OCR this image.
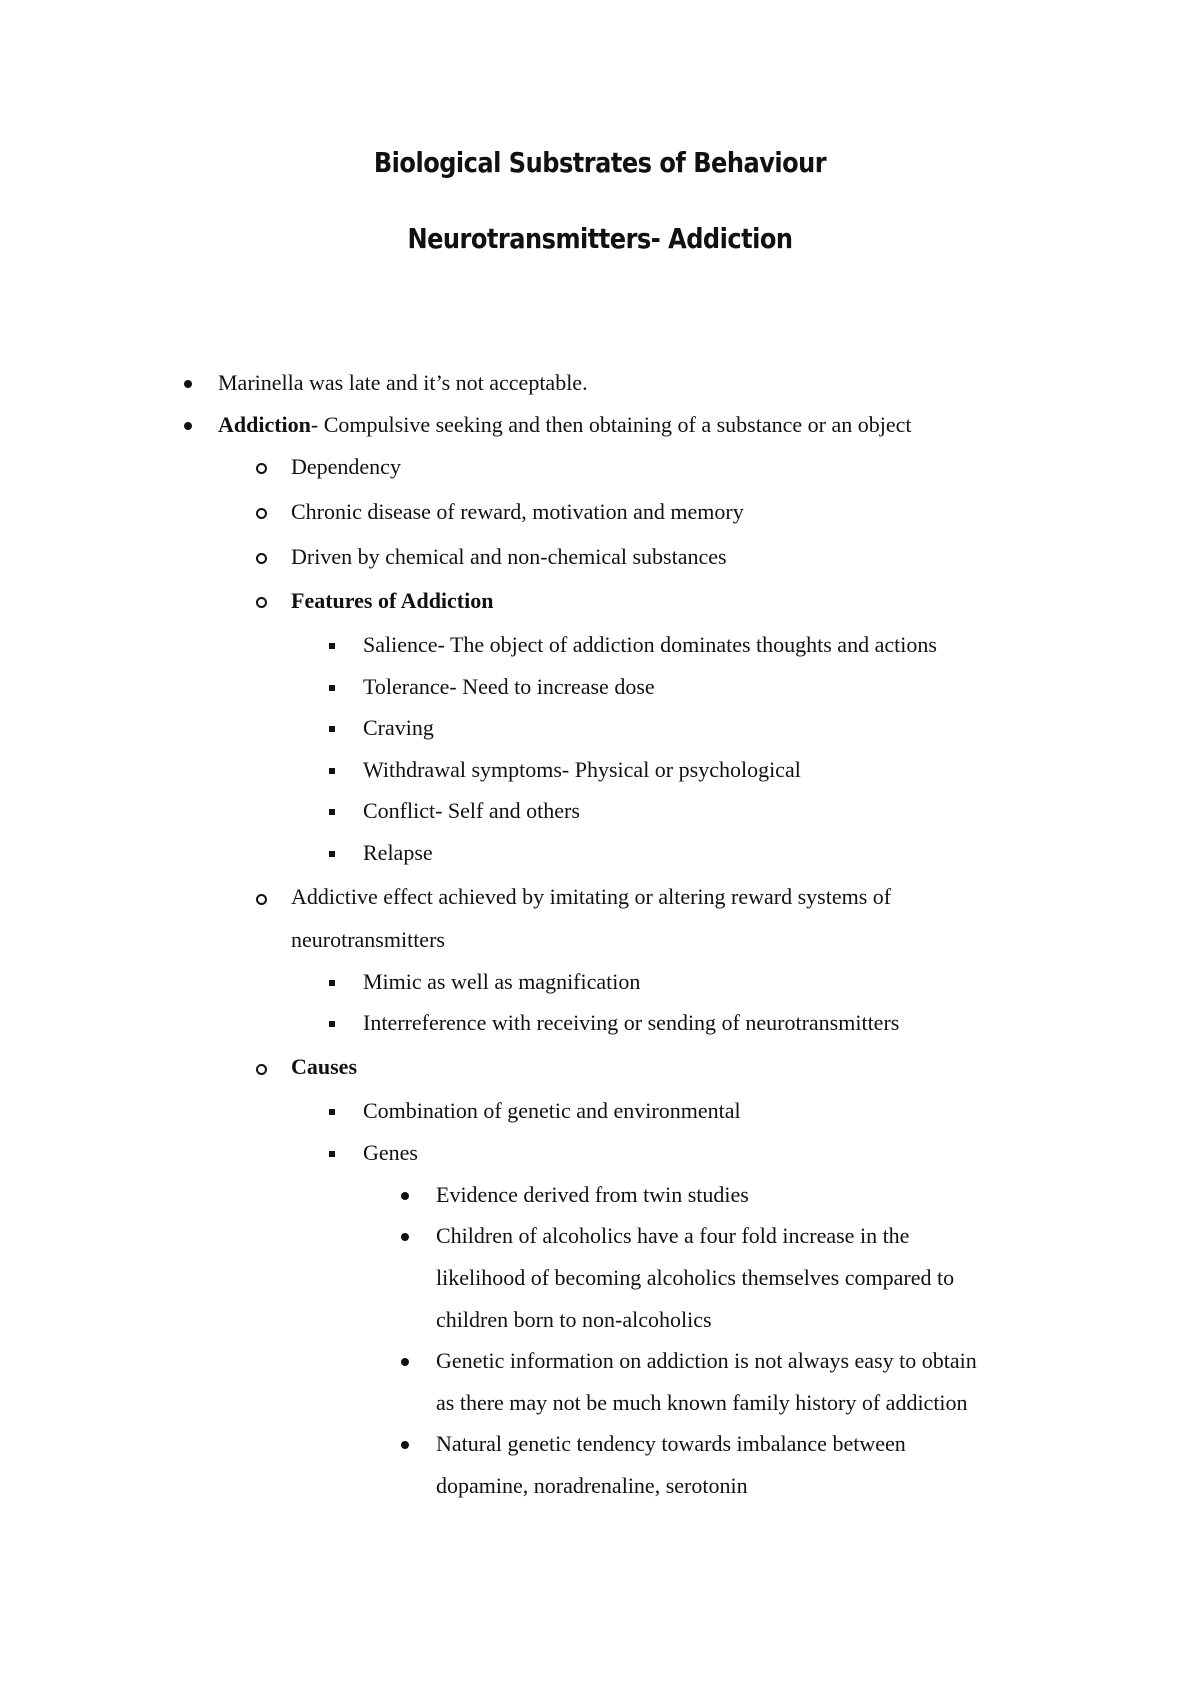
Biological Substrates of Behaviour
Neurotransmitters- Addiction
Marinella was late and it’s not acceptable.
Addiction- Compulsive seeking and then obtaining of a substance or an object
Dependency
Chronic disease of reward, motivation and memory
Driven by chemical and non-chemical substances
Features of Addiction
Salience- The object of addiction dominates thoughts and actions
Tolerance- Need to increase dose
Craving
Withdrawal symptoms- Physical or psychological
Conflict- Self and others
Relapse
Addictive effect achieved by imitating or altering reward systems of
neurotransmitters
Mimic as well as magnification
Interreference with receiving or sending of neurotransmitters
Causes
Combination of genetic and environmental
Genes
Evidence derived from twin studies
Children of alcoholics have a four fold increase in the
likelihood of becoming alcoholics themselves compared to
children born to non-alcoholics
Genetic information on addiction is not always easy to obtain
as there may not be much known family history of addiction
Natural genetic tendency towards imbalance between
dopamine, noradrenaline, serotonin
